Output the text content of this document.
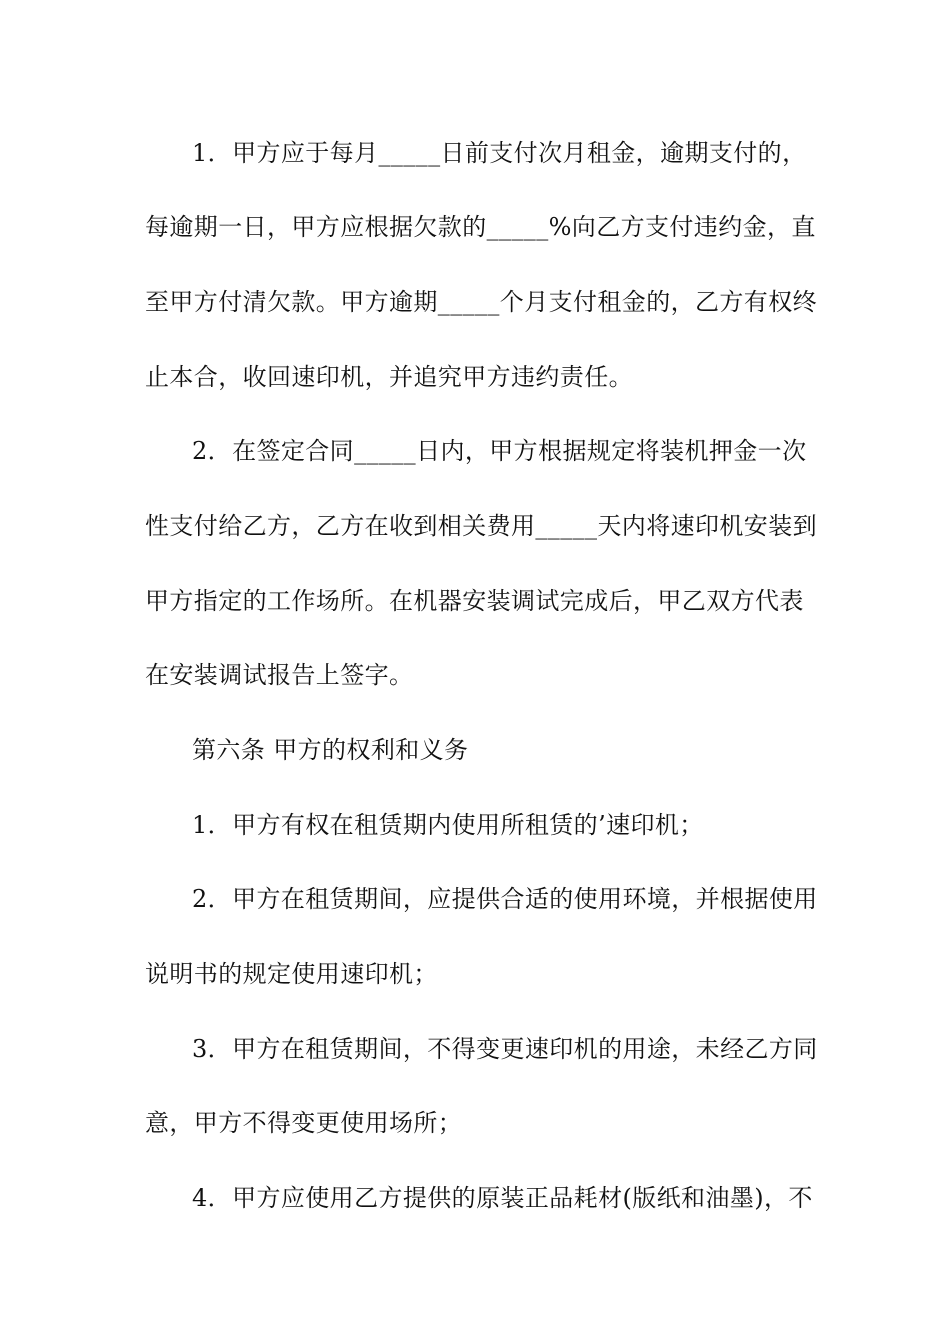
1．甲方应于每月_____日前支付次月租金，逾期支付的，
每逾期一日，甲方应根据欠款的_____%向乙方支付违约金，直
至甲方付清欠款。甲方逾期_____个月支付租金的，乙方有权终
止本合，收回速印机，并追究甲方违约责任。
2．在签定合同_____日内，甲方根据规定将装机押金一次
性支付给乙方，乙方在收到相关费用_____天内将速印机安装到
甲方指定的工作场所。在机器安装调试完成后，甲乙双方代表
在安装调试报告上签字。
第六条 甲方的权利和义务
1．甲方有权在租赁期内使用所租赁的’速印机；
2．甲方在租赁期间，应提供合适的使用环境，并根据使用
说明书的规定使用速印机；
3．甲方在租赁期间，不得变更速印机的用途，未经乙方同
意，甲方不得变更使用场所；
4．甲方应使用乙方提供的原装正品耗材(版纸和油墨)，不
